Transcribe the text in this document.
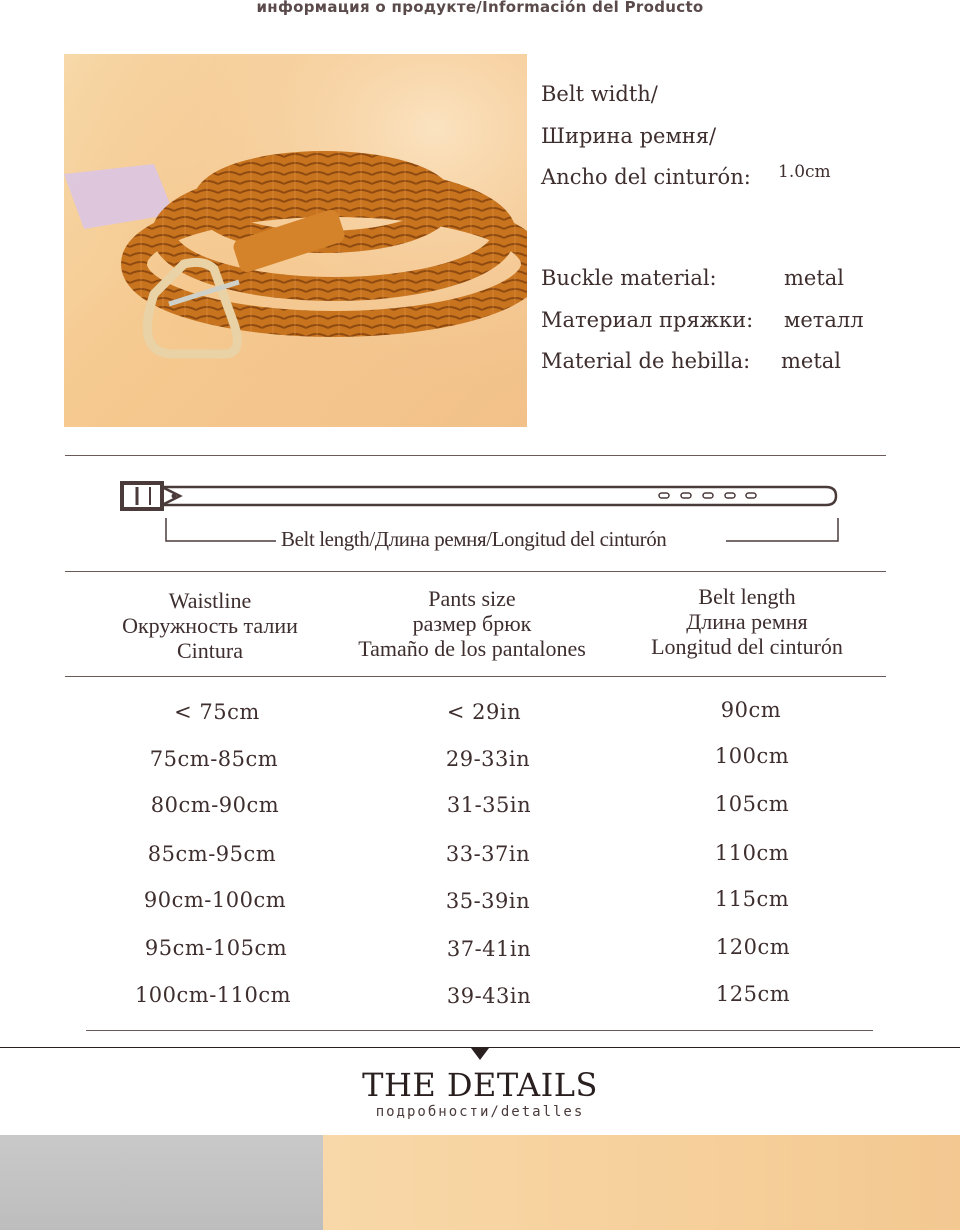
информация о продукте/Información del Producto
Belt width/
Ширина ремня/
Ancho del cinturón: 1.0cm
Buckle material:	metal
Материал пряжки: металл
Material de hebilla: metal
Belt length/Длина ремня/Longitud del cinturón
Waistline
Окружность талии
Cintura
Pants size
размер брюк
Tamaño de los pantalones
Belt length
Длина ремня
Longitud del cinturón
< 75cm	< 29in	90cm
75cm-85cm	29-33in	100cm
80cm-90cm	31-35in	105cm
85cm-95cm	33-37in	110cm
90cm-100cm	35-39in	115cm
95cm-105cm	37-41in	120cm
100cm-110cm	39-43in	125cm
THE DETAILS
подробности/detalles
